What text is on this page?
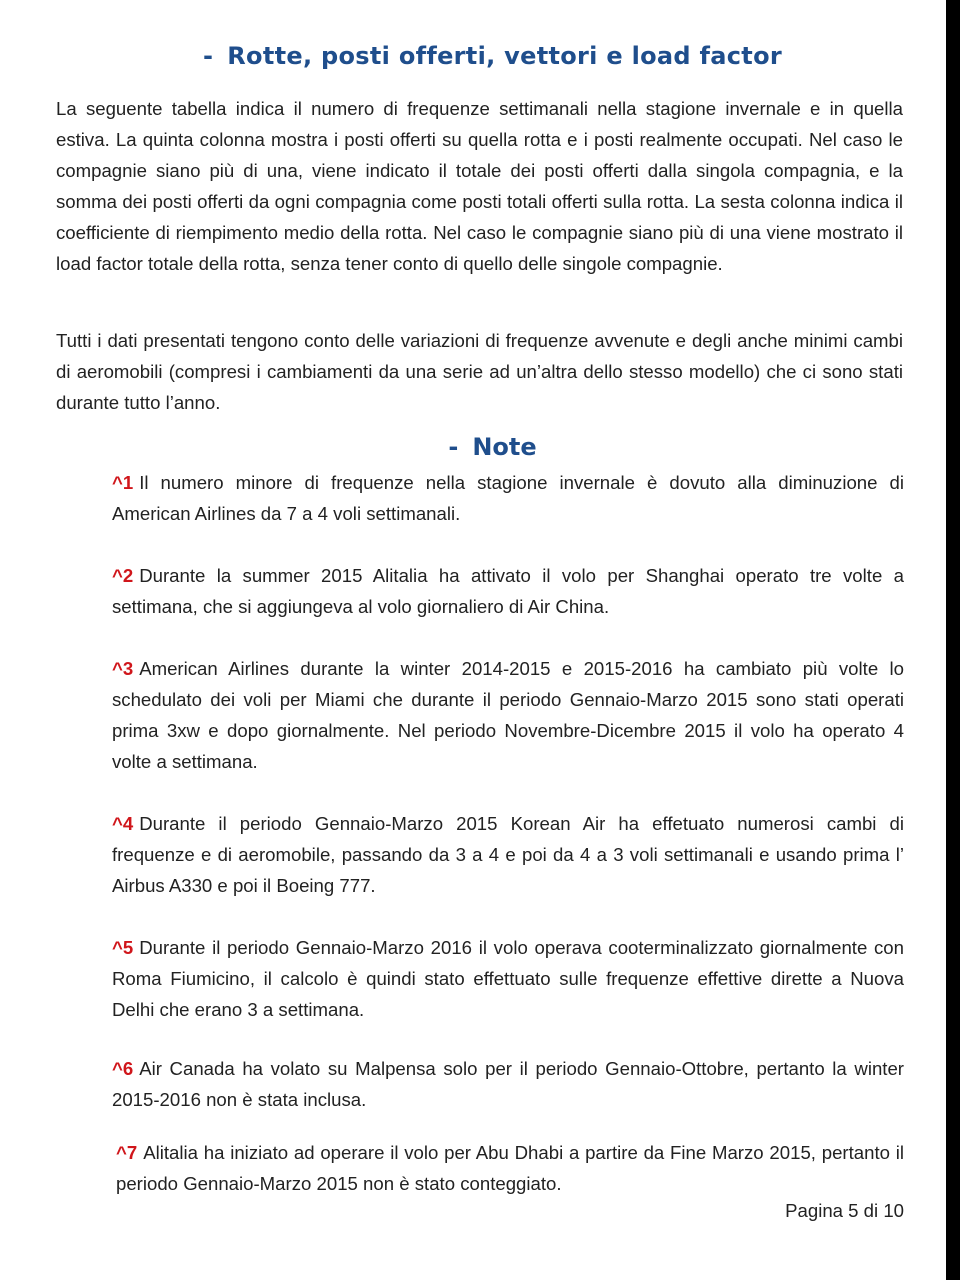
- Rotte, posti offerti, vettori e load factor

La seguente tabella indica il numero di frequenze settimanali nella stagione invernale e in quella estiva. La quinta colonna mostra i posti offerti su quella rotta e i posti realmente occupati. Nel caso le compagnie siano più di una, viene indicato il totale dei posti offerti dalla singola compagnia, e la somma dei posti offerti da ogni compagnia come posti totali offerti sulla rotta. La sesta colonna indica il coefficiente di riempimento medio della rotta. Nel caso le compagnie siano più di una viene mostrato il load factor totale della rotta, senza tener conto di quello delle singole compagnie.

Tutti i dati presentati tengono conto delle variazioni di frequenze avvenute e degli anche minimi cambi di aeromobili (compresi i cambiamenti da una serie ad un’altra dello stesso modello) che ci sono stati durante tutto l’anno.

- Note

^1 Il numero minore di frequenze nella stagione invernale è dovuto alla diminuzione di American Airlines da 7 a 4 voli settimanali.

^2 Durante la summer 2015 Alitalia ha attivato il volo per Shanghai operato tre volte a settimana, che si aggiungeva al volo giornaliero di Air China.

^3 American Airlines durante la winter 2014-2015 e 2015-2016 ha cambiato più volte lo schedulato dei voli per Miami che durante il periodo Gennaio-Marzo 2015 sono stati operati prima 3xw e dopo giornalmente. Nel periodo Novembre-Dicembre 2015 il volo ha operato 4 volte a settimana.

^4 Durante il periodo Gennaio-Marzo 2015 Korean Air ha effetuato numerosi cambi di frequenze e di aeromobile, passando da 3 a 4 e poi da 4 a 3 voli settimanali e usando prima l’ Airbus A330 e poi il Boeing 777.

^5 Durante il periodo Gennaio-Marzo 2016 il volo operava cooterminalizzato giornalmente con Roma Fiumicino, il calcolo è quindi stato effettuato sulle frequenze effettive dirette a Nuova Delhi che erano 3 a settimana.

^6 Air Canada ha volato su Malpensa solo per il periodo Gennaio-Ottobre, pertanto la winter 2015-2016 non è stata inclusa.

^7 Alitalia ha iniziato ad operare il volo per Abu Dhabi a partire da Fine Marzo 2015, pertanto il periodo Gennaio-Marzo 2015 non è stato conteggiato.

Pagina 5 di 10
